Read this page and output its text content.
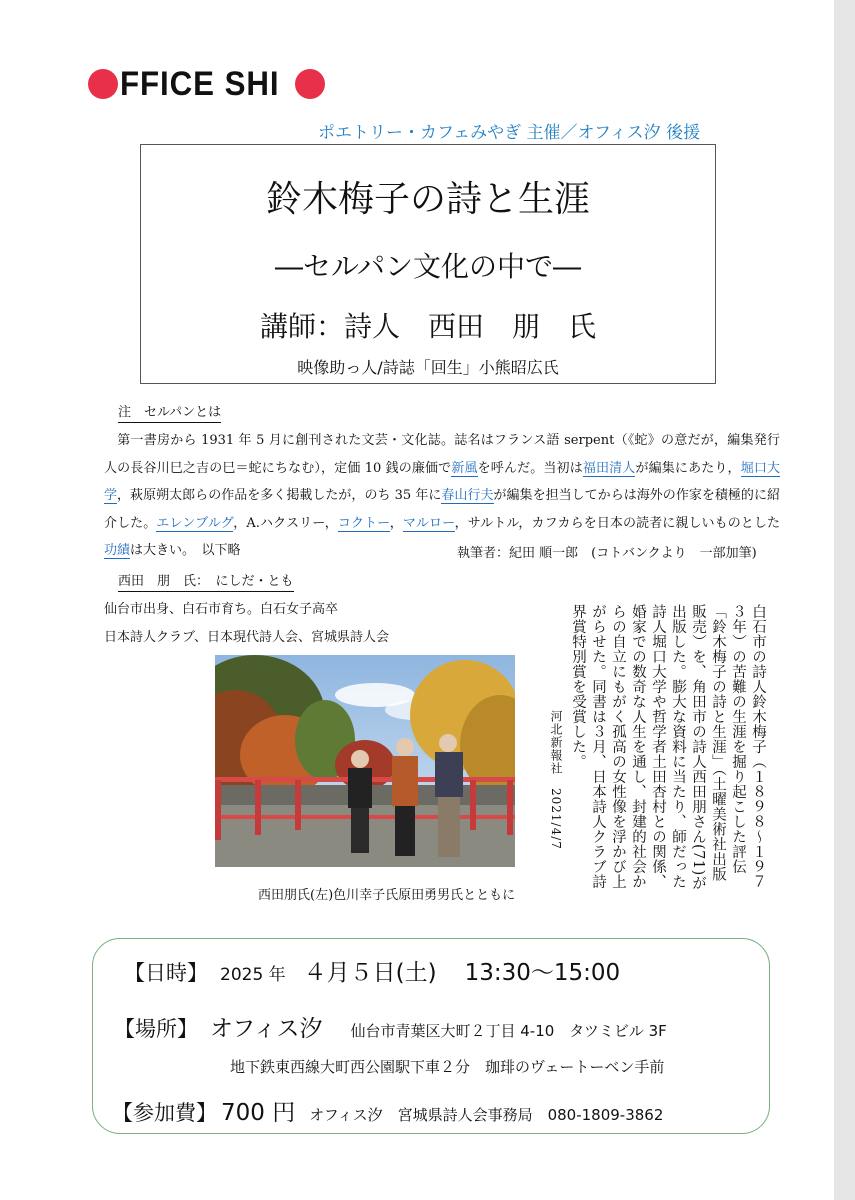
FFICE SHI
ポエトリー・カフェみやぎ 主催／オフィス汐 後援
鈴木梅子の詩と生涯
―セルパン文化の中で―
講師：詩人　西田　朋　氏
映像助っ人/詩誌「回生」小熊昭広氏
注　セルパンとは
第一書房から 1931 年 5 月に創刊された文芸・文化誌。誌名はフランス語 serpent（《蛇》の意だが，編集発行人の長谷川巳之吉の巳＝蛇にちなむ），定価 10 銭の廉価で新風を呼んだ。当初は福田清人が編集にあたり，堀口大学，萩原朔太郎らの作品を多く掲載したが，のち 35 年に春山行夫が編集を担当してからは海外の作家を積極的に紹介した。エレンブルグ，A.ハクスリー，コクトー，マルロー，サルトル，カフカらを日本の読者に親しいものとした功績は大きい。　以下略	執筆者：紀田 順一郎　(コトバンクより　一部加筆)
西田　朋　氏：　にしだ・とも
仙台市出身、白石市育ち。白石女子高卒
日本詩人クラブ、日本現代詩人会、宮城県詩人会
西田朋氏(左)色川幸子氏原田勇男氏とともに
白石市の詩人鈴木梅子（１８９８〜１９７３年）の苦難の生涯を掘り起こした評伝「鈴木梅子の詩と生涯」（土曜美術社出版販売）を、角田市の詩人西田朋さん(71)が出版した。膨大な資料に当たり、師だった詩人堀口大学や哲学者土田杏村との関係、婚家での数奇な人生を通し、封建的社会からの自立にもがく孤高の女性像を浮かび上がらせた。同書は３月、日本詩人クラブ詩界賞特別賞を受賞した。
河北新報社　2021/4/7
【日時】 2025 年 ４月５日(土) 13:30〜15:00
【場所】 オフィス汐 仙台市青葉区大町２丁目 4-10　タツミビル 3F
地下鉄東西線大町西公園駅下車２分　珈琲のヴェートーベン手前
【参加費】 700 円 オフィス汐　宮城県詩人会事務局　080-1809-3862
